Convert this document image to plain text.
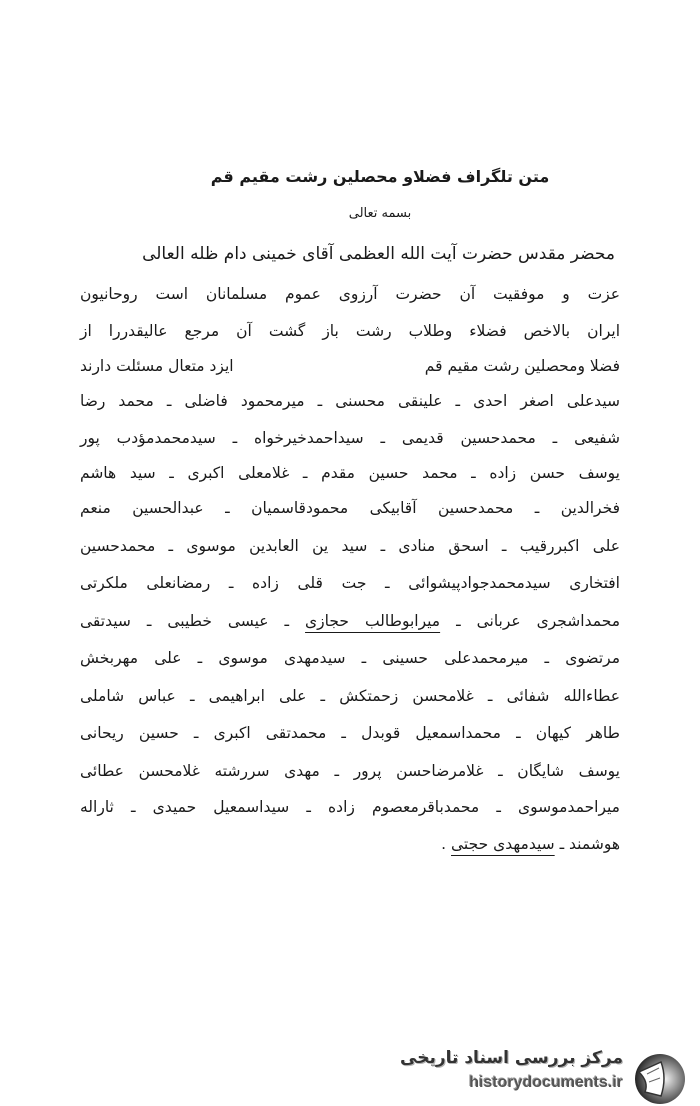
متن تلگراف فضلاو محصلین رشت مقیم قم
بسمه تعالی
محضر مقدس حضرت آیت الله العظمی آقای خمینی دام ظله العالی
عزت و موفقیت آن حضرت آرزوی عموم مسلمانان است روحانیون
ایران بالاخص فضلاء وطلاب رشت باز گشت آن مرجع عالیقدررا از
فضلا ومحصلین رشت مقیم قم
ایزد متعال مسئلت دارند
سیدعلی اصغر احدی ـ علینقی محسنی ـ میرمحمود فاضلی ـ محمد رضا
شفیعی ـ محمدحسین قدیمی ـ سیداحمدخیرخواه ـ سیدمحمدمؤدب پور
یوسف حسن زاده ـ محمد حسین مقدم ـ غلامعلی اکبری ـ سید هاشم
فخرالدین ـ محمدحسین آقابیکی محمودقاسمیان ـ عبدالحسین منعم
علی اکبررقیب ـ اسحق منادی ـ سید ین العابدین موسوی ـ محمدحسین
افتخاری سیدمحمدجوادپیشوائی ـ جت قلی زاده ـ رمضانعلی ملکرتی
محمداشجری عربانی ـ میرابوطالب حجازی ـ عیسی خطیبی ـ سیدتقی
مرتضوی ـ میرمحمدعلی حسینی ـ سیدمهدی موسوی ـ علی مهربخش
عطاءالله شفائی ـ غلامحسن زحمتکش ـ علی ابراهیمی ـ عباس شاملی
طاهر کیهان ـ محمداسمعیل قوبدل ـ محمدتقی اکبری ـ حسین ریحانی
یوسف شایگان ـ غلامرضاحسن پرور ـ مهدی سررشته غلامحسن عطائی
میراحمدموسوی ـ محمدباقرمعصوم زاده ـ سیداسمعیل حمیدی ـ ثاراله
هوشمند ـ سیدمهدی حجتی .
مرکز بررسی اسناد تاریخی
historydocuments.ir
